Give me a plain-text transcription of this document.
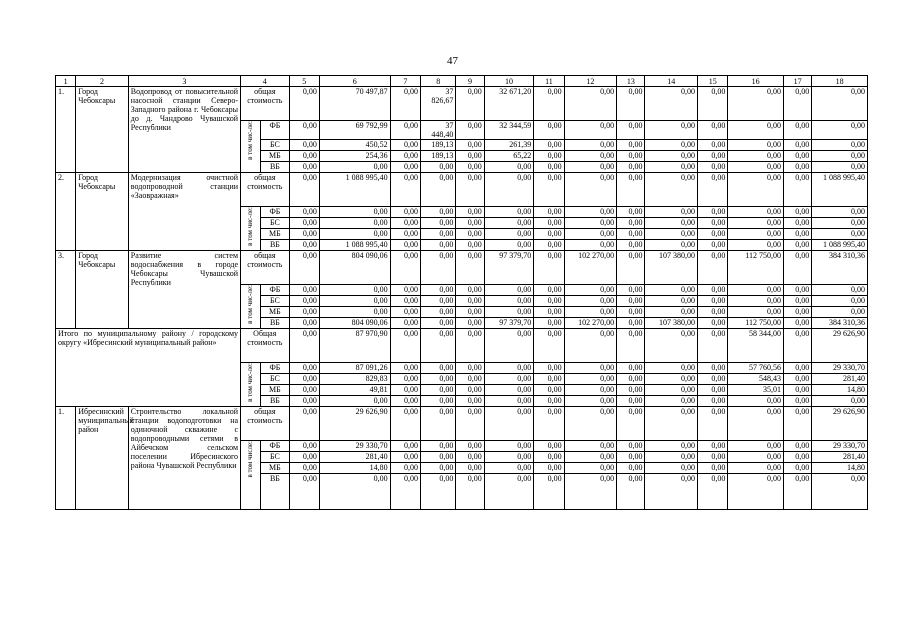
47
1	2	3	4		5	6	7	8	9	10	11	12	13	14	15	16	17	18
1.	Город Чебоксары	Водопровод от повысительной насосной станции Северо-Западного района г. Чебоксары до д. Чандрово Чувашской Республики	общая стоимость		0,00	70 497,87	0,00	37 826,67	0,00	32 671,20	0,00	0,00	0,00	0,00	0,00	0,00	0,00	0,00
			в том чис-ле:	ФБ	0,00	69 792,99	0,00	37 448,40	0,00	32 344,59	0,00	0,00	0,00	0,00	0,00	0,00	0,00	0,00
				БС	0,00	450,52	0,00	189,13	0,00	261,39	0,00	0,00	0,00	0,00	0,00	0,00	0,00	0,00
				МБ	0,00	254,36	0,00	189,13	0,00	65,22	0,00	0,00	0,00	0,00	0,00	0,00	0,00	0,00
				ВБ	0,00	0,00	0,00	0,00	0,00	0,00	0,00	0,00	0,00	0,00	0,00	0,00	0,00	0,00
2.	Город Чебоксары	Модернизация очистной водопроводной станции «Заовражная»	общая стоимость		0,00	1 088 995,40	0,00	0,00	0,00	0,00	0,00	0,00	0,00	0,00	0,00	0,00	0,00	1 088 995,40
			в том чис-ле:	ФБ	0,00	0,00	0,00	0,00	0,00	0,00	0,00	0,00	0,00	0,00	0,00	0,00	0,00	0,00
				БС	0,00	0,00	0,00	0,00	0,00	0,00	0,00	0,00	0,00	0,00	0,00	0,00	0,00	0,00
				МБ	0,00	0,00	0,00	0,00	0,00	0,00	0,00	0,00	0,00	0,00	0,00	0,00	0,00	0,00
				ВБ	0,00	1 088 995,40	0,00	0,00	0,00	0,00	0,00	0,00	0,00	0,00	0,00	0,00	0,00	1 088 995,40
3.	Город Чебоксары	Развитие систем водоснабжения в городе Чебоксары Чувашской Республики	общая стоимость		0,00	804 090,06	0,00	0,00	0,00	97 379,70	0,00	102 270,00	0,00	107 380,00	0,00	112 750,00	0,00	384 310,36
			в том чис-ле:	ФБ	0,00	0,00	0,00	0,00	0,00	0,00	0,00	0,00	0,00	0,00	0,00	0,00	0,00	0,00
				БС	0,00	0,00	0,00	0,00	0,00	0,00	0,00	0,00	0,00	0,00	0,00	0,00	0,00	0,00
				МБ	0,00	0,00	0,00	0,00	0,00	0,00	0,00	0,00	0,00	0,00	0,00	0,00	0,00	0,00
				ВБ	0,00	804 090,06	0,00	0,00	0,00	97 379,70	0,00	102 270,00	0,00	107 380,00	0,00	112 750,00	0,00	384 310,36
Итого по муниципальному району / городскому округу «Ибресинский муниципальный район»			Общая стоимость		0,00	87 970,90	0,00	0,00	0,00	0,00	0,00	0,00	0,00	0,00	0,00	58 344,00	0,00	29 626,90
			в том чис-ле:	ФБ	0,00	87 091,26	0,00	0,00	0,00	0,00	0,00	0,00	0,00	0,00	0,00	57 760,56	0,00	29 330,70
				БС	0,00	829,83	0,00	0,00	0,00	0,00	0,00	0,00	0,00	0,00	0,00	548,43	0,00	281,40
				МБ	0,00	49,81	0,00	0,00	0,00	0,00	0,00	0,00	0,00	0,00	0,00	35,01	0,00	14,80
				ВБ	0,00	0,00	0,00	0,00	0,00	0,00	0,00	0,00	0,00	0,00	0,00	0,00	0,00	0,00
1.	Ибресинский муниципальный район	Строительство локальной станции водоподготовки на одиночной скважине с водопроводными сетями в Айбечском сельском поселении Ибресинского района Чувашской Республики	общая стоимость		0,00	29 626,90	0,00	0,00	0,00	0,00	0,00	0,00	0,00	0,00	0,00	0,00	0,00	29 626,90
			в том числе:	ФБ	0,00	29 330,70	0,00	0,00	0,00	0,00	0,00	0,00	0,00	0,00	0,00	0,00	0,00	29 330,70
				БС	0,00	281,40	0,00	0,00	0,00	0,00	0,00	0,00	0,00	0,00	0,00	0,00	0,00	281,40
				МБ	0,00	14,80	0,00	0,00	0,00	0,00	0,00	0,00	0,00	0,00	0,00	0,00	0,00	14,80
				ВБ	0,00	0,00	0,00	0,00	0,00	0,00	0,00	0,00	0,00	0,00	0,00	0,00	0,00	0,00
